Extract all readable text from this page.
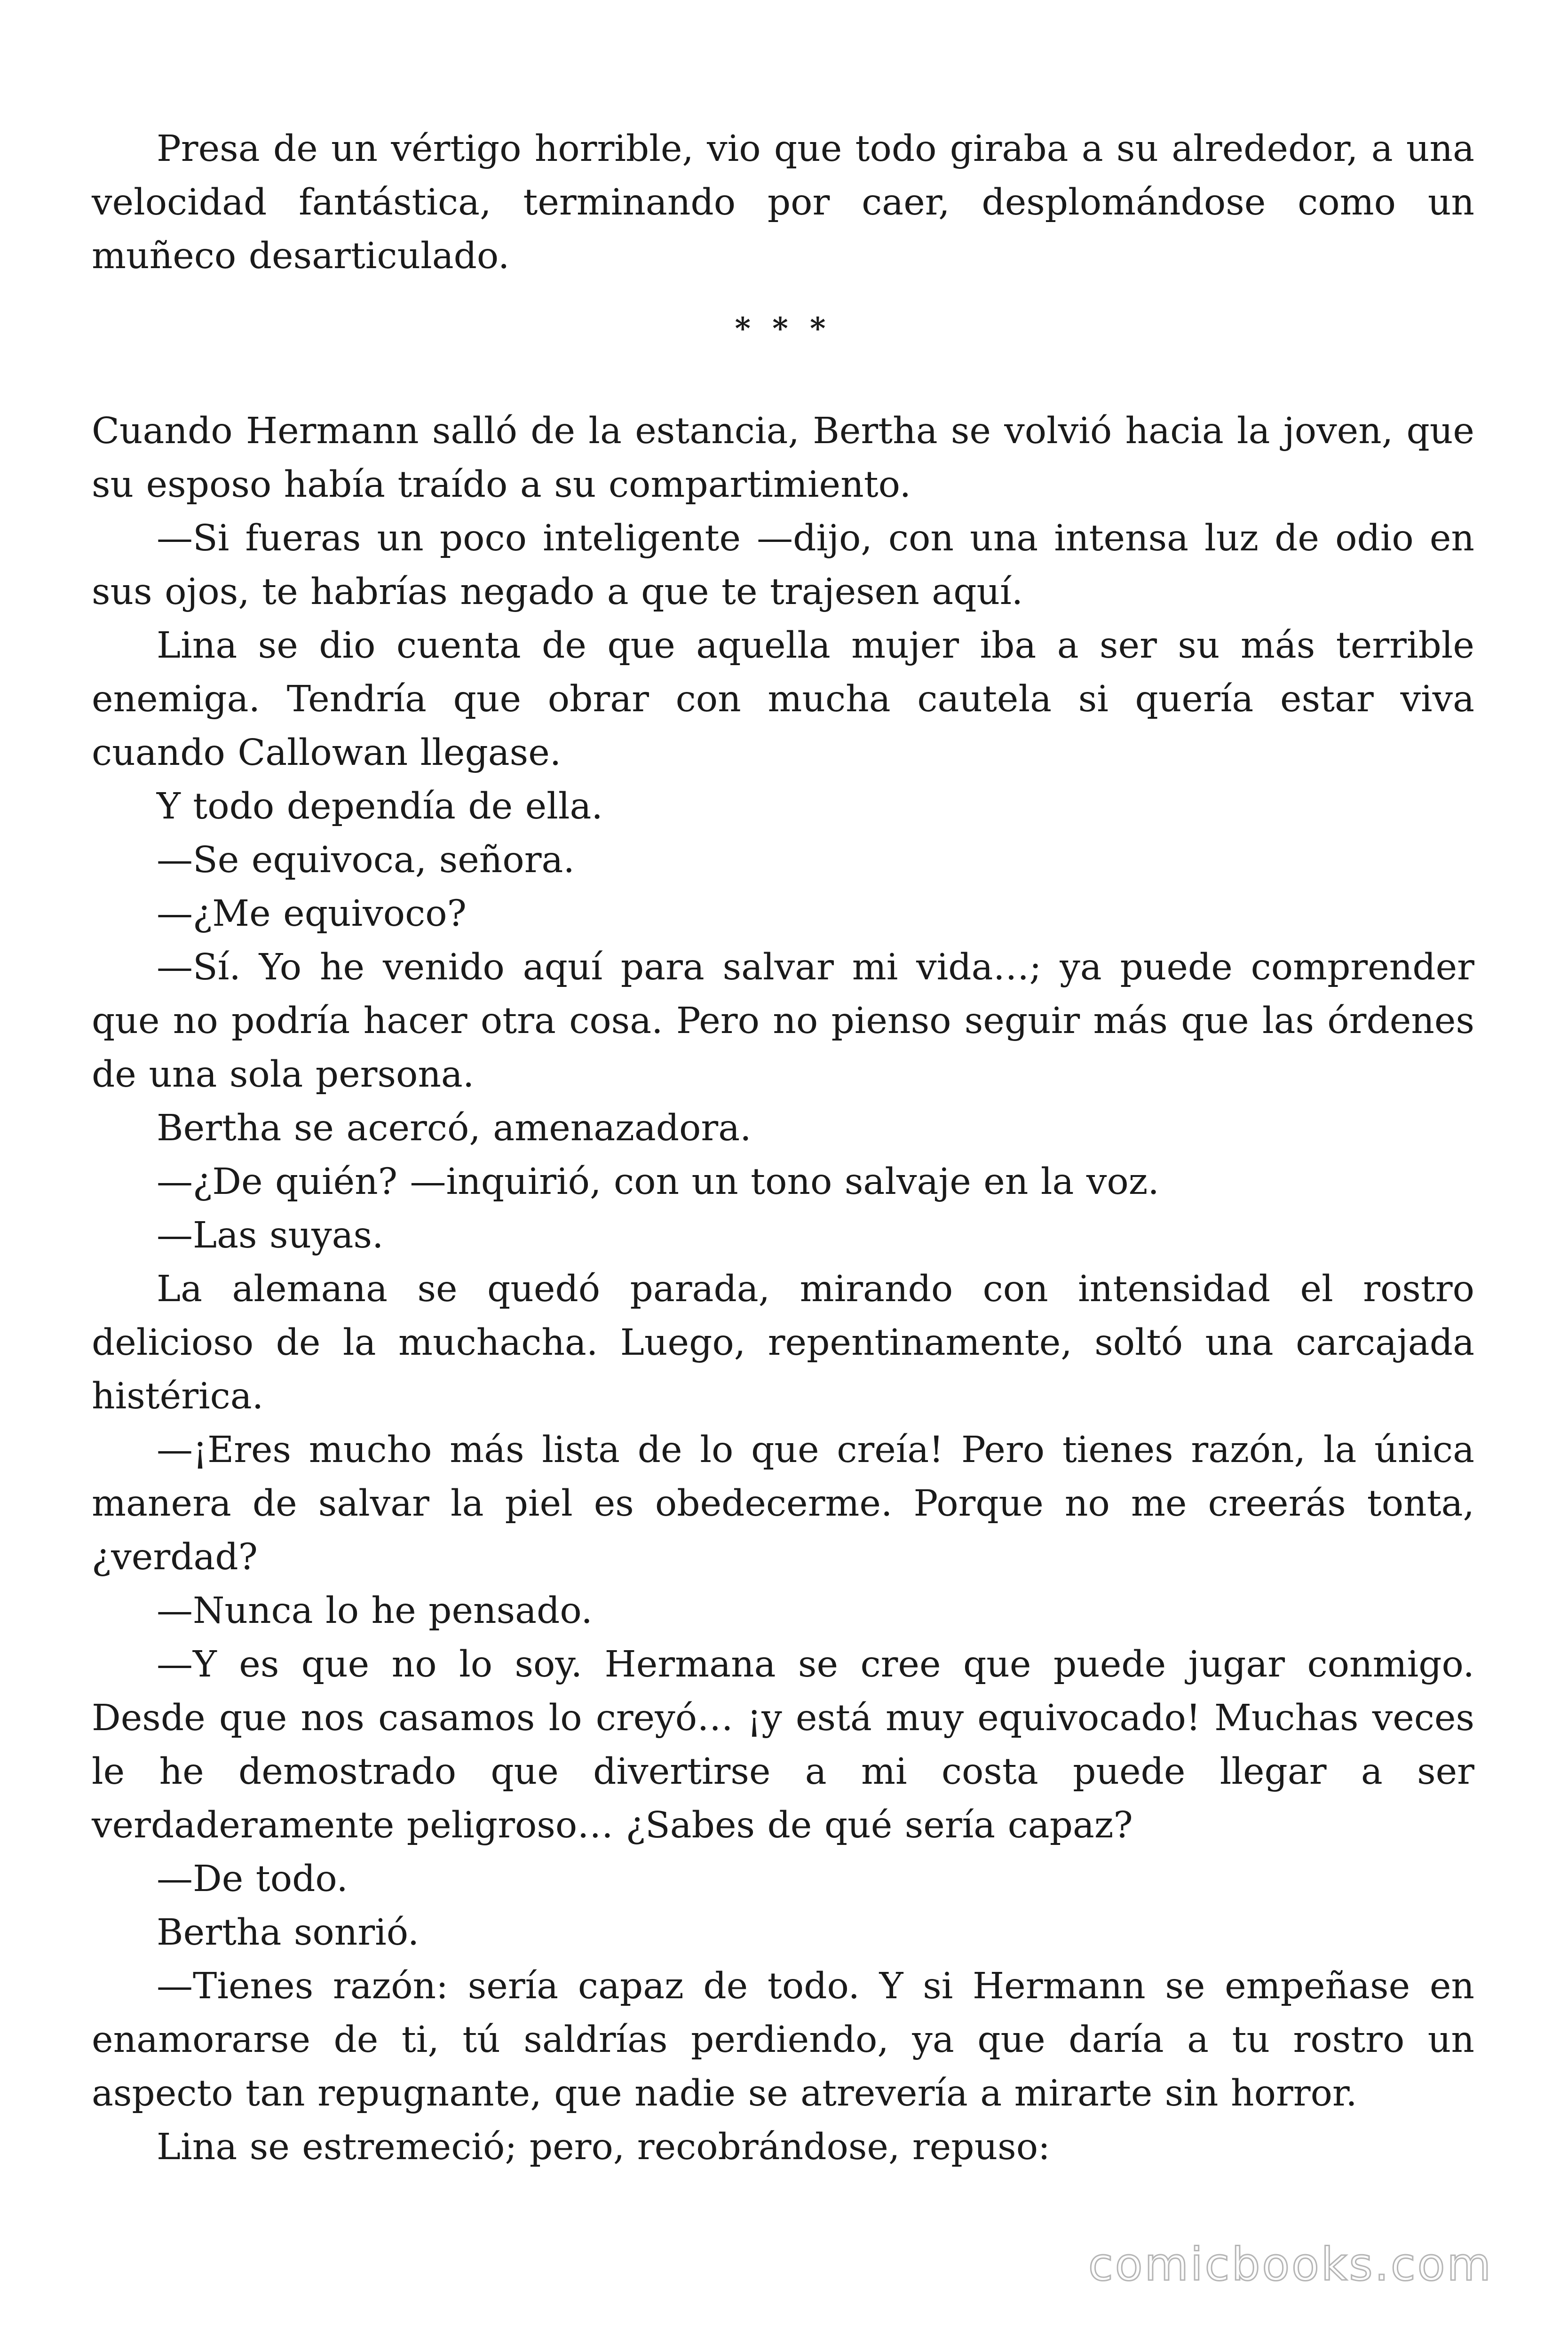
Presa de un vértigo horrible, vio que todo giraba a su alrededor, a una velocidad fantástica, terminando por caer, desplomándose como un muñeco desarticulado.

* * *

Cuando Hermann salló de la estancia, Bertha se volvió hacia la joven, que su esposo había traído a su compartimiento.

—Si fueras un poco inteligente —dijo, con una intensa luz de odio en sus ojos, te habrías negado a que te trajesen aquí.

Lina se dio cuenta de que aquella mujer iba a ser su más terrible enemiga. Tendría que obrar con mucha cautela si quería estar viva cuando Callowan llegase.

Y todo dependía de ella.

—Se equivoca, señora.

—¿Me equivoco?

—Sí. Yo he venido aquí para salvar mi vida…; ya puede comprender que no podría hacer otra cosa. Pero no pienso seguir más que las órdenes de una sola persona.

Bertha se acercó, amenazadora.

—¿De quién? —inquirió, con un tono salvaje en la voz.

—Las suyas.

La alemana se quedó parada, mirando con intensidad el rostro delicioso de la muchacha. Luego, repentinamente, soltó una carcajada histérica.

—¡Eres mucho más lista de lo que creía! Pero tienes razón, la única manera de salvar la piel es obedecerme. Porque no me creerás tonta, ¿verdad?

—Nunca lo he pensado.

—Y es que no lo soy. Hermana se cree que puede jugar conmigo. Desde que nos casamos lo creyó… ¡y está muy equivocado! Muchas veces le he demostrado que divertirse a mi costa puede llegar a ser verdaderamente peligroso… ¿Sabes de qué sería capaz?

—De todo.

Bertha sonrió.

—Tienes razón: sería capaz de todo. Y si Hermann se empeñase en enamorarse de ti, tú saldrías perdiendo, ya que daría a tu rostro un aspecto tan repugnante, que nadie se atrevería a mirarte sin horror.

Lina se estremeció; pero, recobrándose, repuso:

comicbooks.com
